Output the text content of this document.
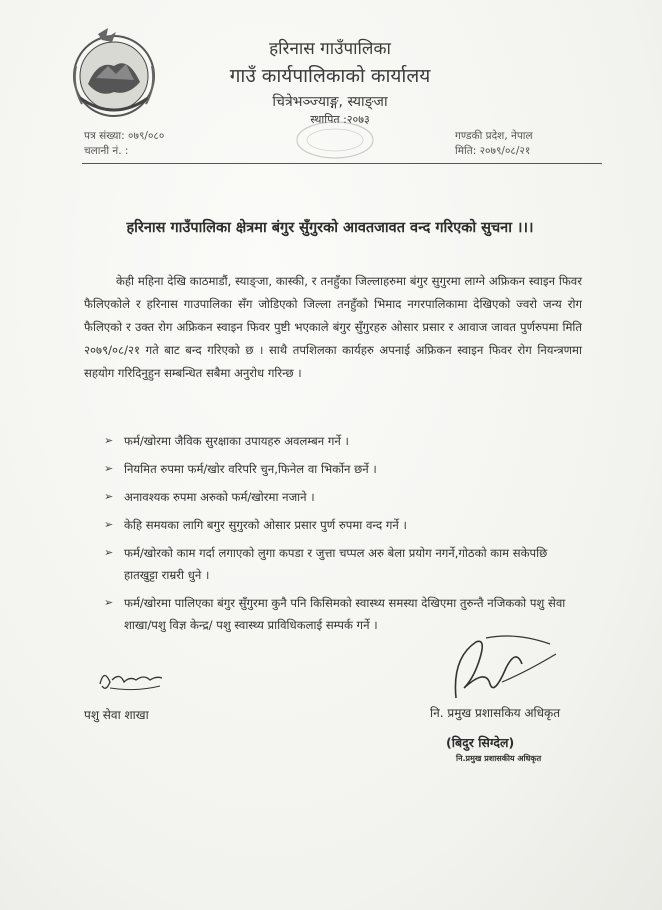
हरिनास गाउँपालिका
गाउँ कार्यपालिकाको कार्यालय
चित्रेभञ्ज्याङ्ग, स्याङ्जा
स्थापित :२०७३
पत्र संख्या: ०७९/०८०
चलानी नं. :
गण्डकी प्रदेश, नेपाल
मिति: २०७९/०८/२१
हरिनास गाउँपालिका क्षेत्रमा बंगुर सुँगुरको आवतजावत वन्द गरिएको सुचना ।।।

केही महिना देखि काठमाडौं, स्याङ्जा, कास्की, र तनहुँका जिल्लाहरुमा बंगुर सुगुरमा लाग्ने अफ्रिकन स्वाइन फिवर फैलिएकोले र हरिनास गाउपालिका सँग जोडिएको जिल्ला तनहुँको भिमाद नगरपालिकामा देखिएको ज्वरो जन्य रोग फैलिएको र उक्त रोग अफ्रिकन स्वाइन फिवर पुष्टी भएकाले बंगुर सुँगुरहरु ओसार प्रसार र आवाज जावत पुर्णरुपमा मिति २०७९/०८/२१ गते बाट बन्द गरिएको छ । साथै तपशिलका कार्यहरु अपनाई अफ्रिकन स्वाइन फिवर रोग नियन्त्रणमा सहयोग गरिदिनुहुन सम्बन्धित सबैमा अनुरोध गरिन्छ ।

➢ फर्म/खोरमा जैविक सुरक्षाका उपायहरु अवलम्बन गर्ने ।
➢ नियमित रुपमा फर्म/खोर वरिपरि चुन,फिनेल वा भिर्कोन छर्ने ।
➢ अनावश्यक रुपमा अरुको फर्म/खोरमा नजाने ।
➢ केहि समयका लागि बगुर सुगुरको ओसार प्रसार पुर्ण रुपमा वन्द गर्ने ।
➢ फर्म/खोरको काम गर्दा लगाएको लुगा कपडा र जुत्ता चप्पल अरु बेला प्रयोग नगर्ने,गोठको काम सकेपछि हातखुट्टा राम्ररी धुने ।
➢ फर्म/खोरमा पालिएका बंगुर सुँगुरमा कुनै पनि किसिमको स्वास्थ्य समस्या देखिएमा तुरुन्तै नजिकको पशु सेवा शाखा/पशु विज्ञ केन्द्र/ पशु स्वास्थ्य प्राविधिकलाई सम्पर्क गर्ने ।
पशु सेवा शाखा	नि. प्रमुख प्रशासकिय अधिकृत
(बिदुर सिग्देल)
नि.प्रमुख प्रशासकीय अधिकृत
